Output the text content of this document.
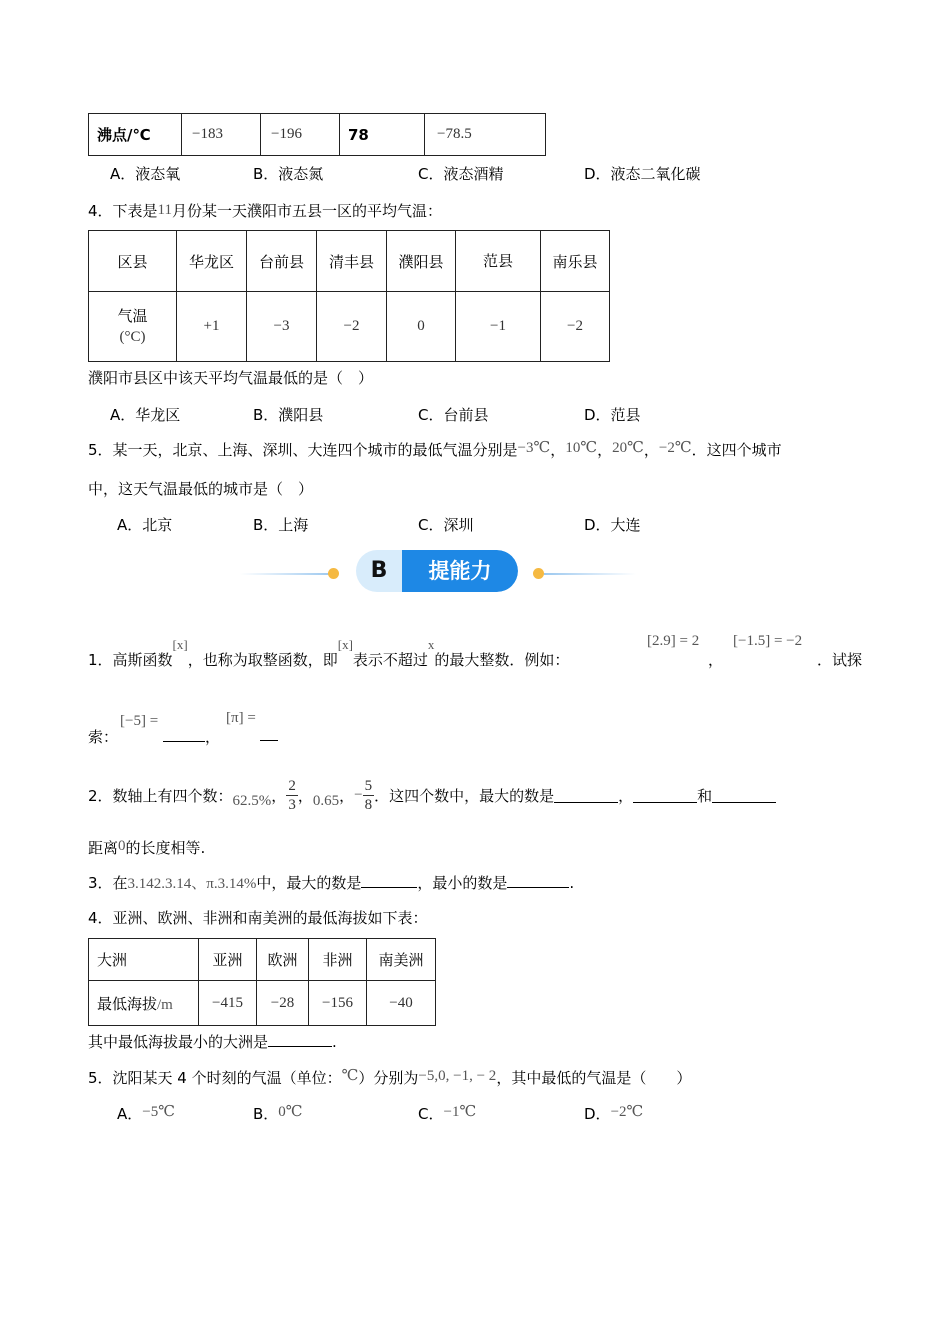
沸点/℃	−183	−196	78	−78.5
A．液态氧	B．液态氮	C．液态酒精	D．液态二氧化碳
4．下表是11月份某一天濮阳市五县一区的平均气温：
区县	华龙区	台前县	清丰县	濮阳县	范县	南乐县

气温
(°C)	+1	−3	−2	0	−1	−2
濮阳市县区中该天平均气温最低的是（　）
A．华龙区	B．濮阳县	C．台前县	D．范县
5．某一天，北京、上海、深圳、大连四个城市的最低气温分别是−3℃，10℃，20℃，−2℃．这四个城市
中，这天气温最低的城市是（　）
A．北京	B．上海	C．深圳	D．大连
B	提能力
1．高斯函数[x]，也称为取整函数，即[x]表示不超过x的最大整数．例如：
[2.9] = 2
，
[−1.5] = −2
．试探
索：
[−5] =
，
[π] =
2．数轴上有四个数： 62.5% ， $\frac{2}{3}$ ， 0.65 ， − $\frac{5}{8}$ ．这四个数中，最大的数是	，	和
距离0的长度相等.
3．在3.142.3.14、π.3.14%中，最大的数是	，最小的数是	.
4．亚洲、欧洲、非洲和南美洲的最低海拔如下表：
大洲	亚洲	欧洲	非洲	南美洲
最低海拔/m	−415	−28	−156	−40
其中最低海拔最小的大洲是	.
5．沈阳某天 4 个时刻的气温（单位：℃）分别为−5,0, −1, − 2，其中最低的气温是（　　）
A．−5℃	B．0℃	C．−1℃	D．−2℃
